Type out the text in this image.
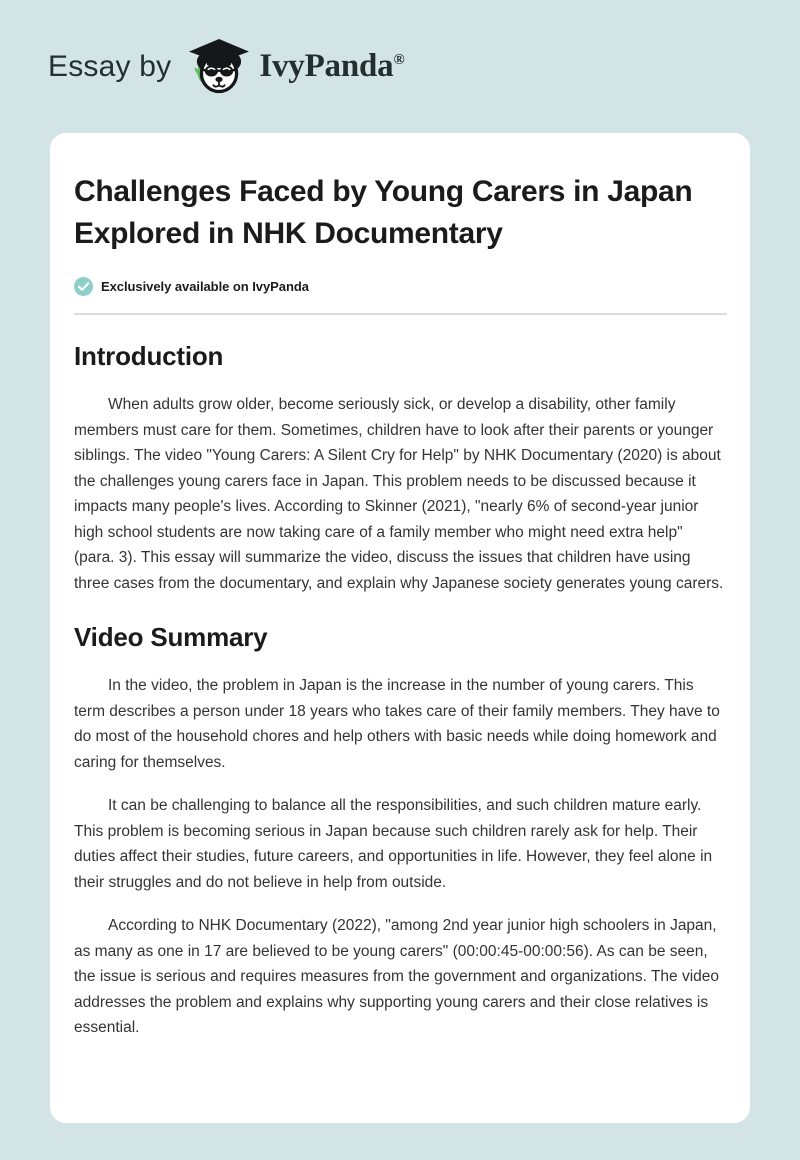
Essay by	IvyPanda®
Challenges Faced by Young Carers in Japan Explored in NHK Documentary
Exclusively available on IvyPanda
Introduction

When adults grow older, become seriously sick, or develop a disability, other family members must care for them. Sometimes, children have to look after their parents or younger siblings. The video "Young Carers: A Silent Cry for Help" by NHK Documentary (2020) is about the challenges young carers face in Japan. This problem needs to be discussed because it impacts many people's lives. According to Skinner (2021), "nearly 6% of second-year junior high school students are now taking care of a family member who might need extra help" (para. 3). This essay will summarize the video, discuss the issues that children have using three cases from the documentary, and explain why Japanese society generates young carers.

Video Summary

In the video, the problem in Japan is the increase in the number of young carers. This term describes a person under 18 years who takes care of their family members. They have to do most of the household chores and help others with basic needs while doing homework and caring for themselves.

It can be challenging to balance all the responsibilities, and such children mature early. This problem is becoming serious in Japan because such children rarely ask for help. Their duties affect their studies, future careers, and opportunities in life. However, they feel alone in their struggles and do not believe in help from outside.

According to NHK Documentary (2022), "among 2nd year junior high schoolers in Japan, as many as one in 17 are believed to be young carers" (00:00:45-00:00:56). As can be seen, the issue is serious and requires measures from the government and organizations. The video addresses the problem and explains why supporting young carers and their close relatives is essential.
